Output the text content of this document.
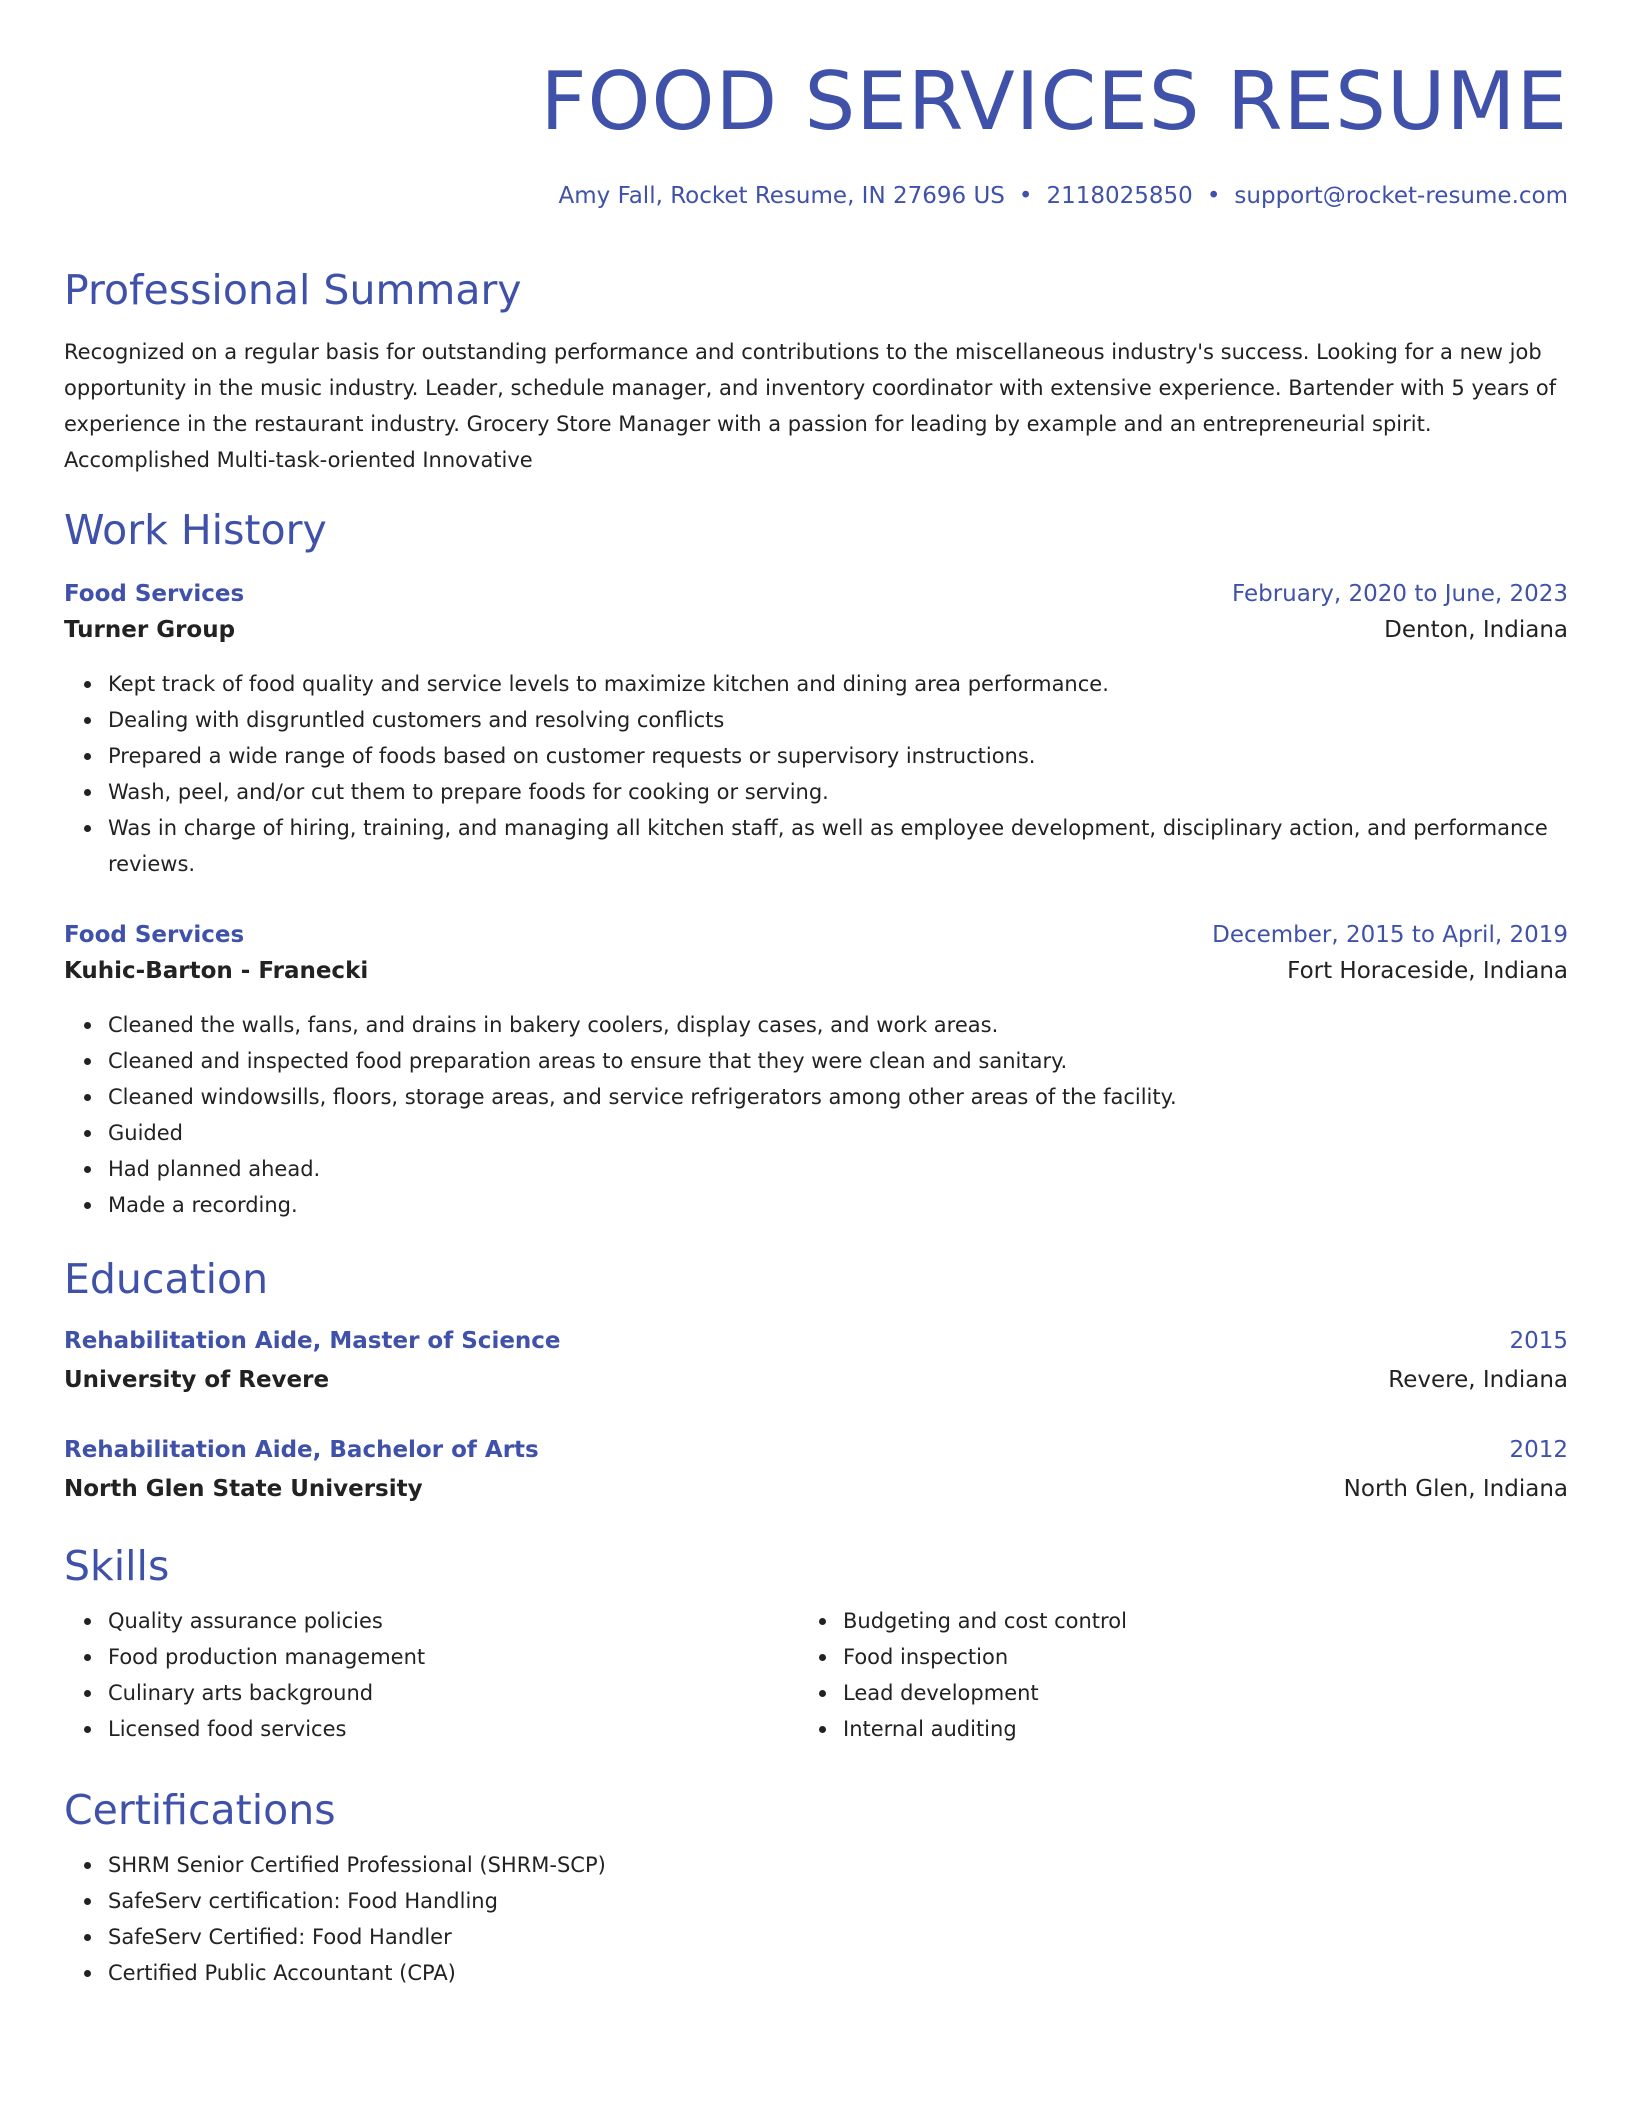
FOOD SERVICES RESUME
Amy Fall, Rocket Resume, IN 27696 US • 2118025850 • support@rocket-resume.com
Professional Summary

Recognized on a regular basis for outstanding performance and contributions to the miscellaneous industry's success. Looking for a new job opportunity in the music industry. Leader, schedule manager, and inventory coordinator with extensive experience. Bartender with 5 years of experience in the restaurant industry. Grocery Store Manager with a passion for leading by example and an entrepreneurial spirit. Accomplished Multi-task-oriented Innovative

Work History
Food Services	February, 2020 to June, 2023
Turner Group	Denton, Indiana
Kept track of food quality and service levels to maximize kitchen and dining area performance.
Dealing with disgruntled customers and resolving conflicts
Prepared a wide range of foods based on customer requests or supervisory instructions.
Wash, peel, and/or cut them to prepare foods for cooking or serving.
Was in charge of hiring, training, and managing all kitchen staff, as well as employee development, disciplinary action, and performance reviews.
Food Services	December, 2015 to April, 2019
Kuhic-Barton - Franecki	Fort Horaceside, Indiana
Cleaned the walls, fans, and drains in bakery coolers, display cases, and work areas.
Cleaned and inspected food preparation areas to ensure that they were clean and sanitary.
Cleaned windowsills, floors, storage areas, and service refrigerators among other areas of the facility.
Guided
Had planned ahead.
Made a recording.
Education
Rehabilitation Aide, Master of Science	2015
University of Revere	Revere, Indiana
Rehabilitation Aide, Bachelor of Arts	2012
North Glen State University	North Glen, Indiana
Skills
Quality assurance policies
Food production management
Culinary arts background
Licensed food services
Budgeting and cost control
Food inspection
Lead development
Internal auditing
Certifications
SHRM Senior Certified Professional (SHRM-SCP)
SafeServ certification: Food Handling
SafeServ Certified: Food Handler
Certified Public Accountant (CPA)
